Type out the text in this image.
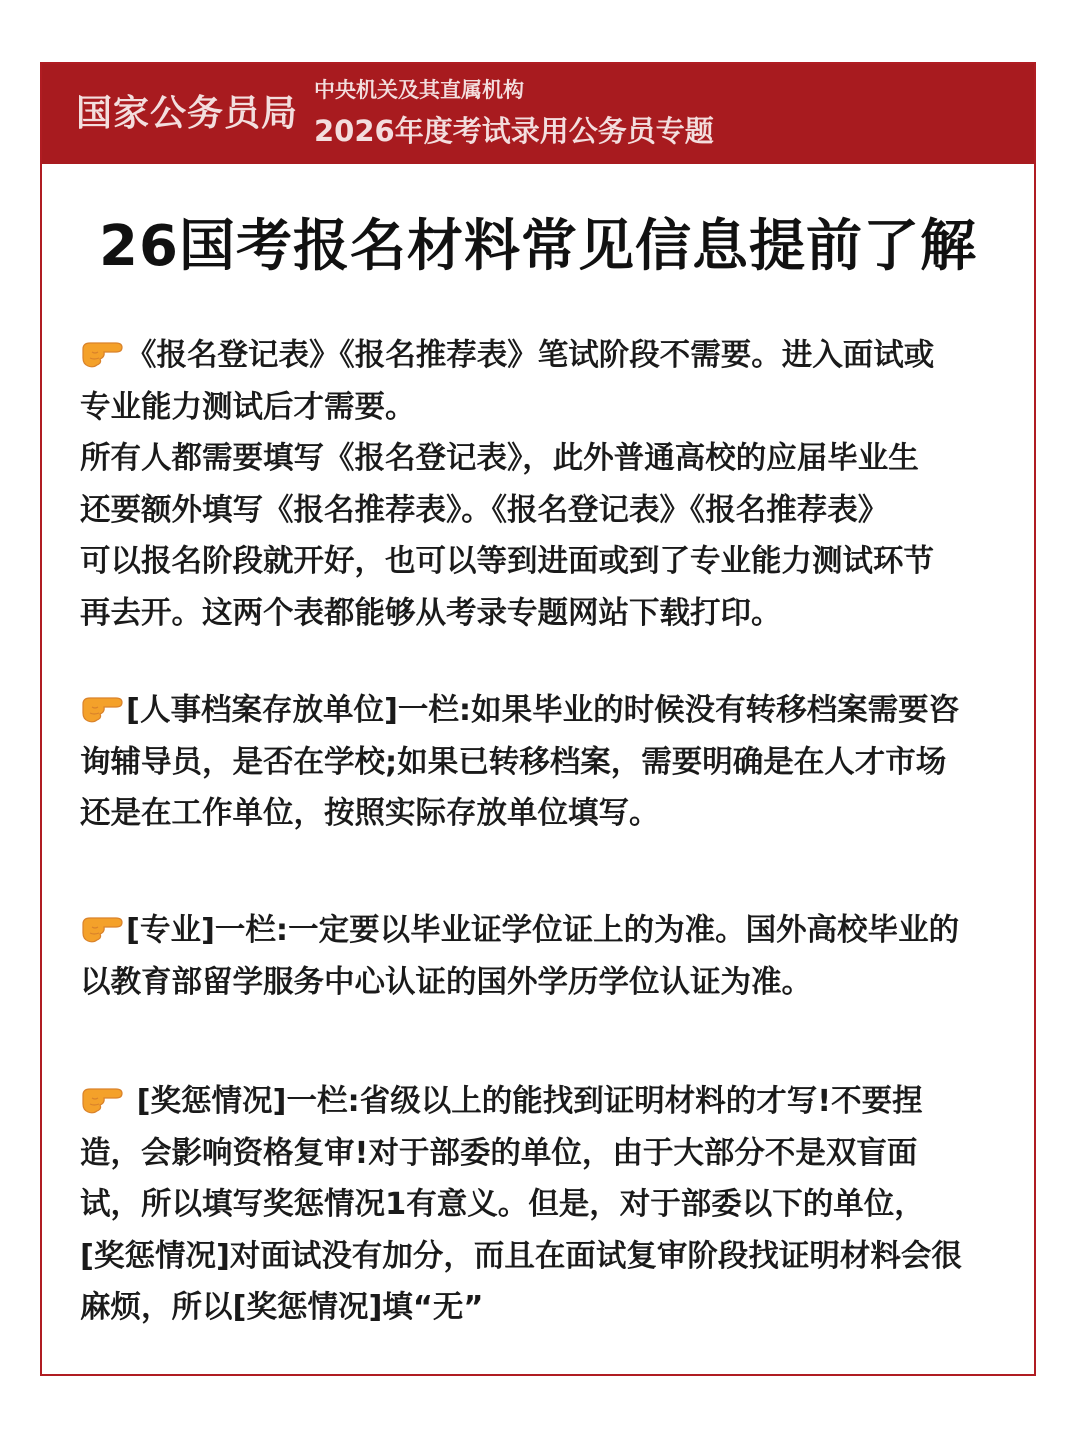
国家公务员局
中央机关及其直属机构
2026年度考试录用公务员专题
26国考报名材料常见信息提前了解
《报名登记表》《报名推荐表》笔试阶段不需要。进入面试或
专业能力测试后才需要。
所有人都需要填写《报名登记表》，此外普通高校的应届毕业生
还要额外填写《报名推荐表》。《报名登记表》《报名推荐表》
可以报名阶段就开好，也可以等到进面或到了专业能力测试环节
再去开。这两个表都能够从考录专题网站下载打印。
[人事档案存放单位]一栏:如果毕业的时候没有转移档案需要咨
询辅导员，是否在学校;如果已转移档案，需要明确是在人才市场
还是在工作单位，按照实际存放单位填写。
[专业]一栏:一定要以毕业证学位证上的为准。国外高校毕业的
以教育部留学服务中心认证的国外学历学位认证为准。
[奖惩情况]一栏:省级以上的能找到证明材料的才写!不要捏
造，会影响资格复审!对于部委的单位，由于大部分不是双盲面
试，所以填写奖惩情况1有意义。但是，对于部委以下的单位，
[奖惩情况]对面试没有加分，而且在面试复审阶段找证明材料会很
麻烦，所以[奖惩情况]填“无”
